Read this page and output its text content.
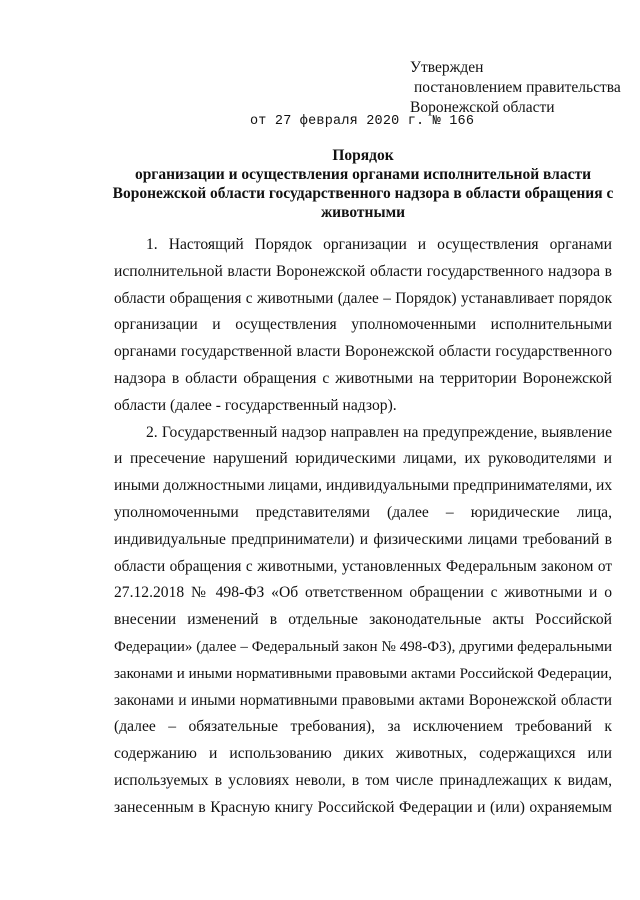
Утвержден
постановлением правительства
Воронежской области
от 27 февраля 2020 г. № 166
Порядок
организации и осуществления органами исполнительной власти
Воронежской области государственного надзора в области обращения с
животными
1. Настоящий Порядок организации и осуществления органами
исполнительной власти Воронежской области государственного надзора в
области обращения с животными (далее – Порядок) устанавливает порядок
организации и осуществления уполномоченными исполнительными
органами государственной власти Воронежской области государственного
надзора в области обращения с животными на территории Воронежской
области (далее - государственный надзор).
2. Государственный надзор направлен на предупреждение, выявление
и пресечение нарушений юридическими лицами, их руководителями и
иными должностными лицами, индивидуальными предпринимателями, их
уполномоченными представителями (далее – юридические лица,
индивидуальные предприниматели) и физическими лицами требований в
области обращения с животными, установленных Федеральным законом от
27.12.2018 № 498-ФЗ «Об ответственном обращении с животными и о
внесении изменений в отдельные законодательные акты Российской
Федерации» (далее – Федеральный закон № 498-ФЗ), другими федеральными
законами и иными нормативными правовыми актами Российской Федерации,
законами и иными нормативными правовыми актами Воронежской области
(далее – обязательные требования), за исключением требований к
содержанию и использованию диких животных, содержащихся или
используемых в условиях неволи, в том числе принадлежащих к видам,
занесенным в Красную книгу Российской Федерации и (или) охраняемым
